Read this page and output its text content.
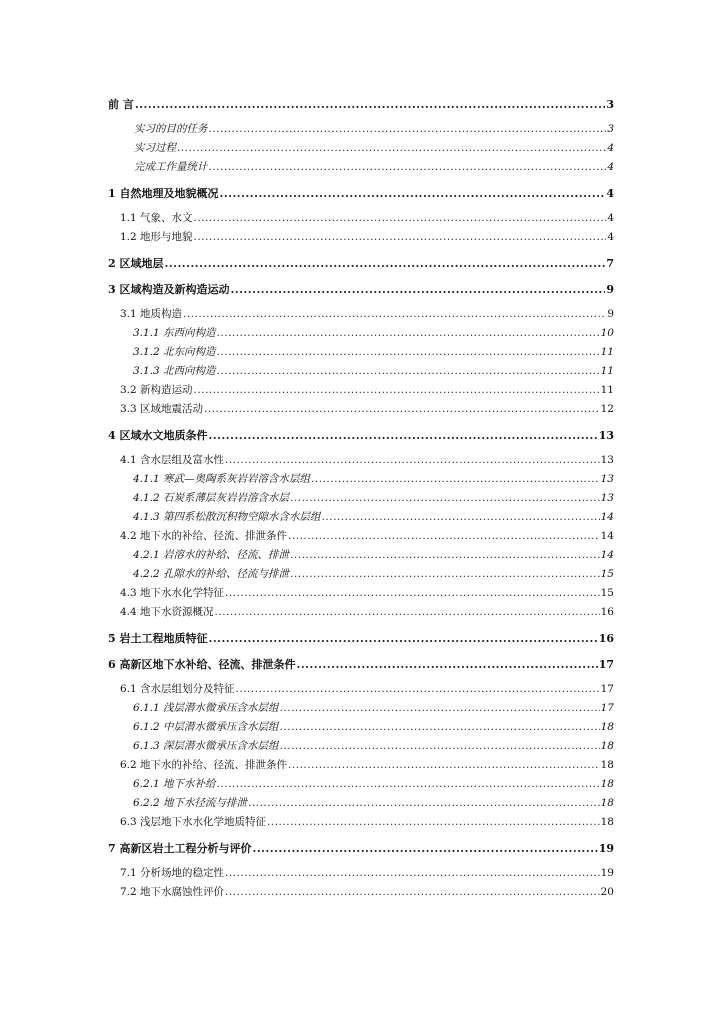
前 言 .....	3
实习的目的任务 .....	3
实习过程 .....	4
完成工作量统计 .....	4
1 自然地理及地貌概况 .....	4
1.1 气象、水文 .....	4
1.2 地形与地貌 .....	4
2 区域地层 .....	7
3 区域构造及新构造运动 .....	9
3.1 地质构造 .....	9
3.1.1 东西向构造 .....	10
3.1.2 北东向构造 .....	11
3.1.3 北西向构造 .....	11
3.2 新构造运动 .....	11
3.3 区域地震活动 .....	12
4 区域水文地质条件 .....	13
4.1 含水层组及富水性 .....	13
4.1.1 寒武—奥陶系灰岩岩溶含水层组 .....	13
4.1.2 石炭系薄层灰岩岩溶含水层 .....	13
4.1.3 第四系松散沉积物空隙水含水层组 .....	14
4.2 地下水的补给、径流、排泄条件 .....	14
4.2.1 岩溶水的补给、径流、排泄 .....	14
4.2.2 孔隙水的补给、径流与排泄 .....	15
4.3 地下水水化学特征 .....	15
4.4 地下水资源概况 .....	16
5 岩土工程地质特征 .....	16
6 高新区地下水补给、径流、排泄条件 .....	17
6.1 含水层组划分及特征 .....	17
6.1.1 浅层潜水微承压含水层组 .....	17
6.1.2 中层潜水微承压含水层组 .....	18
6.1.3 深层潜水微承压含水层组 .....	18
6.2 地下水的补给、径流、排泄条件 .....	18
6.2.1 地下水补给 .....	18
6.2.2 地下水径流与排泄 .....	18
6.3 浅层地下水水化学地质特征 .....	18
7 高新区岩土工程分析与评价 .....	19
7.1 分析场地的稳定性 .....	19
7.2 地下水腐蚀性评价 .....	20
